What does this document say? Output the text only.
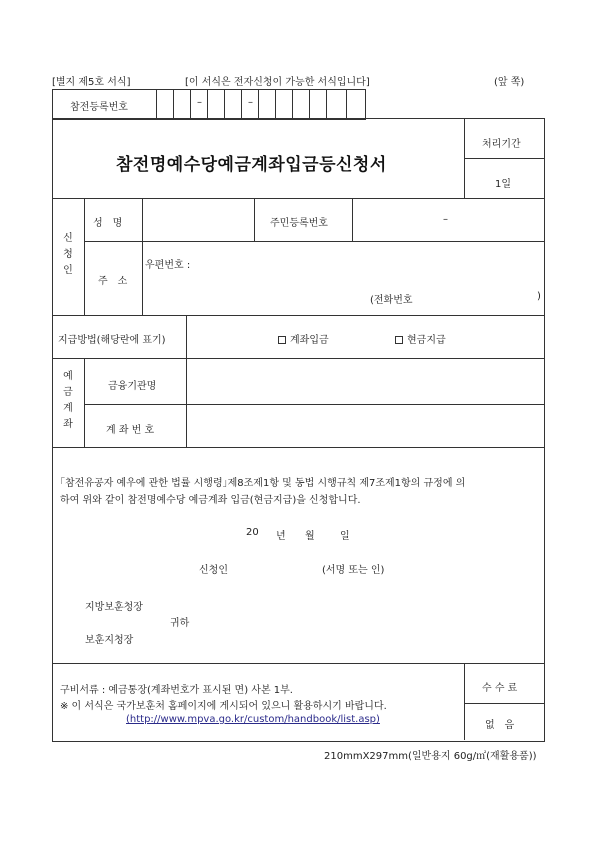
[별지 제5호 서식]	[이 서식은 전자신청이 가능한 서식입니다]	(앞 쪽)
참전등록번호	–	–
참전명예수당예금계좌입금등신청서
처리기간
1일
신
청
인
성　명	주민등록번호	–
주　소
우편번호 :
(전화번호	)
지급방법(해당란에 표기)	계좌입금	현금지급
예
금
계
좌
금융기관명
계 좌 번 호
｢참전유공자 예우에 관한 법률 시행령｣제8조제1항 및 동법 시행규칙 제7조제1항의 규정에 의
하여 위와 같이 참전명예수당 예금계좌 입금(현금지급)을 신청합니다.
20 년 월	일
신청인	(서명 또는 인)
지방보훈청장
귀하
보훈지청장
구비서류 : 예금통장(계좌번호가 표시된 면) 사본 1부.
※ 이 서식은 국가보훈처 홈페이지에 게시되어 있으니 활용하시기 바랍니다.
(http://www.mpva.go.kr/custom/handbook/list.asp)
수 수 료
없　음
210mmX297mm(일반용지 60g/㎡(재활용품))
